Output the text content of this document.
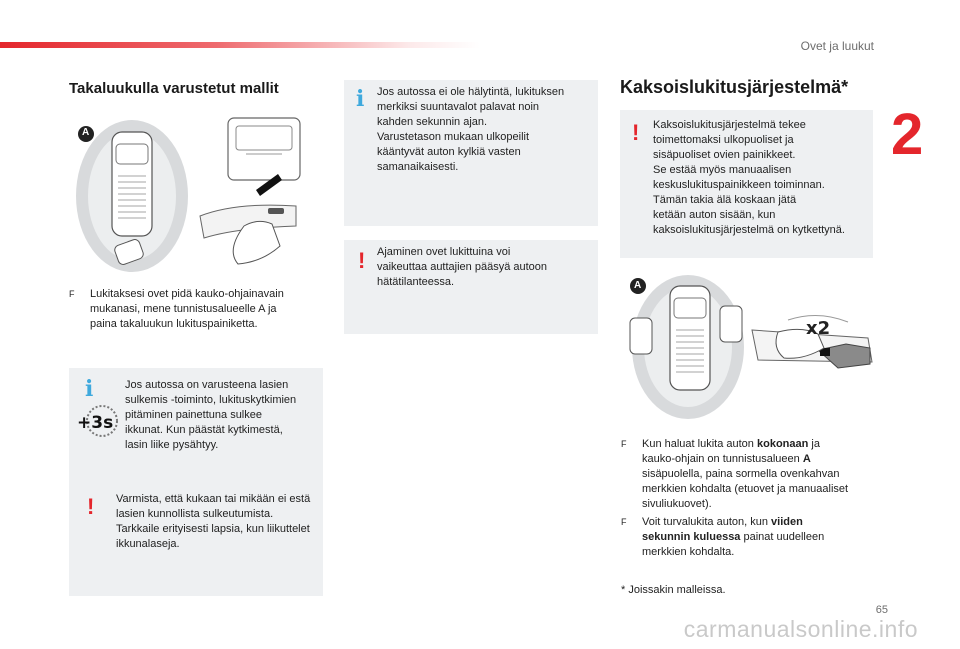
Ovet ja luukut
2
Takaluukulla varustetut mallit
A
F Lukitaksesi ovet pidä kauko-ohjainavain
mukanasi, mene tunnistusalueelle A ja
paina takaluukun lukituspainiketta.
i	Jos autossa on varusteena lasien
sulkemis -toiminto, lukituskytkimien
pitäminen painettuna sulkee
ikkunat. Kun päästät kytkimestä,
lasin liike pysähtyy.

+3s
! Varmista, että kukaan tai mikään ei estä
lasien kunnollista sulkeutumista.
Tarkkaile erityisesti lapsia, kun liikuttelet
ikkunalaseja.

i Jos autossa ei ole hälytintä, lukituksen
merkiksi suuntavalot palavat noin
kahden sekunnin ajan.
Varustetason mukaan ulkopeilit
kääntyvät auton kylkiä vasten
samanaikaisesti.

! Ajaminen ovet lukittuina voi
vaikeuttaa auttajien pääsyä autoon
hätätilanteessa.

Kaksoislukitusjärjestelmä*
! Kaksoislukitusjärjestelmä tekee
toimettomaksi ulkopuoliset ja
sisäpuoliset ovien painikkeet.
Se estää myös manuaalisen
keskuslukituspainikkeen toiminnan.
Tämän takia älä koskaan jätä
ketään auton sisään, kun
kaksoislukitusjärjestelmä on kytkettynä.

A
x2
F Kun haluat lukita auton kokonaan ja
kauko-ohjain on tunnistusalueen A
sisäpuolella, paina sormella ovenkahvan
merkkien kohdalta (etuovet ja manuaaliset
sivuliukuovet).
F Voit turvalukita auton, kun viiden
sekunnin kuluessa painat uudelleen
merkkien kohdalta.
* Joissakin malleissa.
65
carmanualsonline.info
